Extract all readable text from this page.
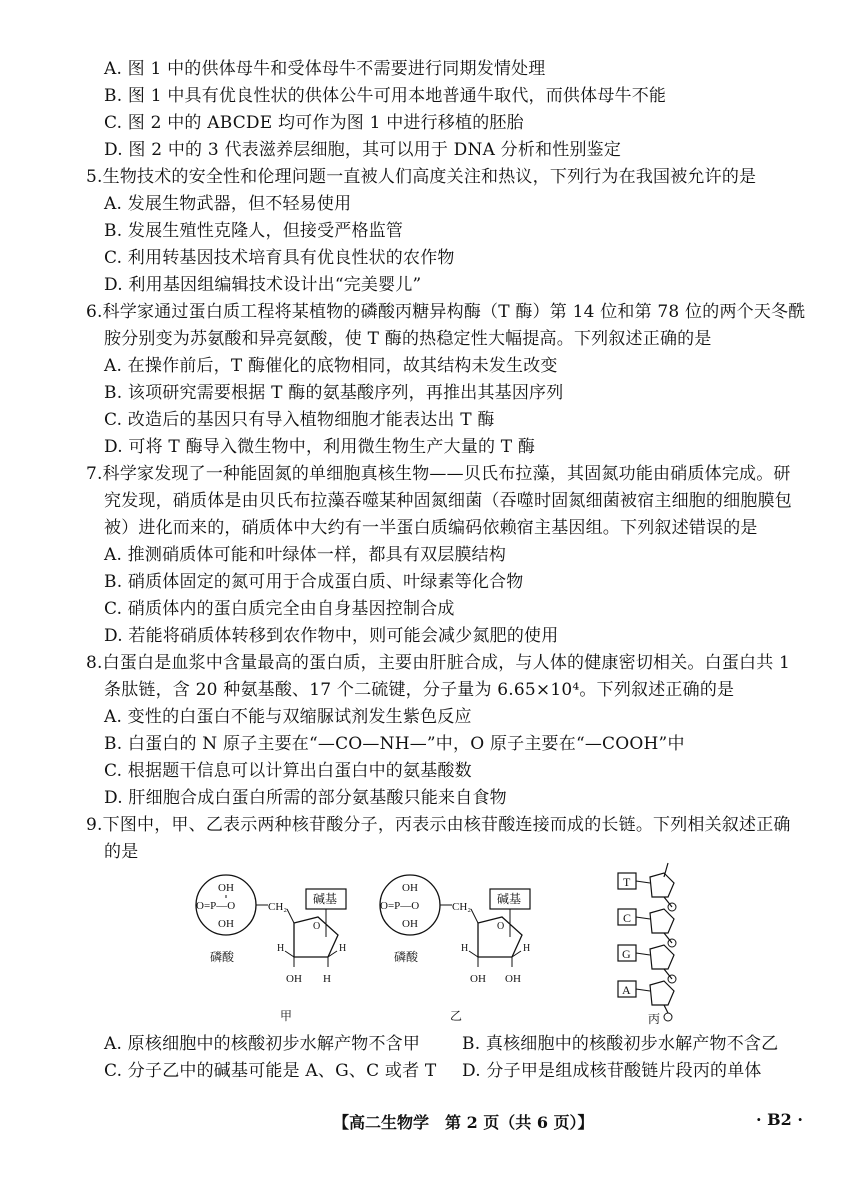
A. 图 1 中的供体母牛和受体母牛不需要进行同期发情处理
B. 图 1 中具有优良性状的供体公牛可用本地普通牛取代，而供体母牛不能
C. 图 2 中的 ABCDE 均可作为图 1 中进行移植的胚胎
D. 图 2 中的 3 代表滋养层细胞，其可以用于 DNA 分析和性别鉴定
5.生物技术的安全性和伦理问题一直被人们高度关注和热议，下列行为在我国被允许的是
A. 发展生物武器，但不轻易使用
B. 发展生殖性克隆人，但接受严格监管
C. 利用转基因技术培育具有优良性状的农作物
D. 利用基因组编辑技术设计出“完美婴儿”
6.科学家通过蛋白质工程将某植物的磷酸丙糖异构酶（T 酶）第 14 位和第 78 位的两个天冬酰
胺分别变为苏氨酸和异亮氨酸，使 T 酶的热稳定性大幅提高。下列叙述正确的是
A. 在操作前后，T 酶催化的底物相同，故其结构未发生改变
B. 该项研究需要根据 T 酶的氨基酸序列，再推出其基因序列
C. 改造后的基因只有导入植物细胞才能表达出 T 酶
D. 可将 T 酶导入微生物中，利用微生物生产大量的 T 酶
7.科学家发现了一种能固氮的单细胞真核生物——贝氏布拉藻，其固氮功能由硝质体完成。研
究发现，硝质体是由贝氏布拉藻吞噬某种固氮细菌（吞噬时固氮细菌被宿主细胞的细胞膜包
被）进化而来的，硝质体中大约有一半蛋白质编码依赖宿主基因组。下列叙述错误的是
A. 推测硝质体可能和叶绿体一样，都具有双层膜结构
B. 硝质体固定的氮可用于合成蛋白质、叶绿素等化合物
C. 硝质体内的蛋白质完全由自身基因控制合成
D. 若能将硝质体转移到农作物中，则可能会减少氮肥的使用
8.白蛋白是血浆中含量最高的蛋白质，主要由肝脏合成，与人体的健康密切相关。白蛋白共 1
条肽链，含 20 种氨基酸、17 个二硫键，分子量为 6.65×10⁴。下列叙述正确的是
A. 变性的白蛋白不能与双缩脲试剂发生紫色反应
B. 白蛋白的 N 原子主要在“—CO—NH—”中，O 原子主要在“—COOH”中
C. 根据题干信息可以计算出白蛋白中的氨基酸数
D. 肝细胞合成白蛋白所需的部分氨基酸只能来自食物
9.下图中，甲、乙表示两种核苷酸分子，丙表示由核苷酸连接而成的长链。下列相关叙述正确
的是
OH
O=P—O
OH
CH₂
碱基
O
H	H
OH H
磷酸
甲
OH
O=P—O
OH
CH₂
碱基
O
H	H
OH OH
磷酸
乙
T
C
G
A
丙
A. 原核细胞中的核酸初步水解产物不含甲 B. 真核细胞中的核酸初步水解产物不含乙
C. 分子乙中的碱基可能是 A、G、C 或者 T D. 分子甲是组成核苷酸链片段丙的单体
【高二生物学　第 2 页（共 6 页）】	· B2 ·
